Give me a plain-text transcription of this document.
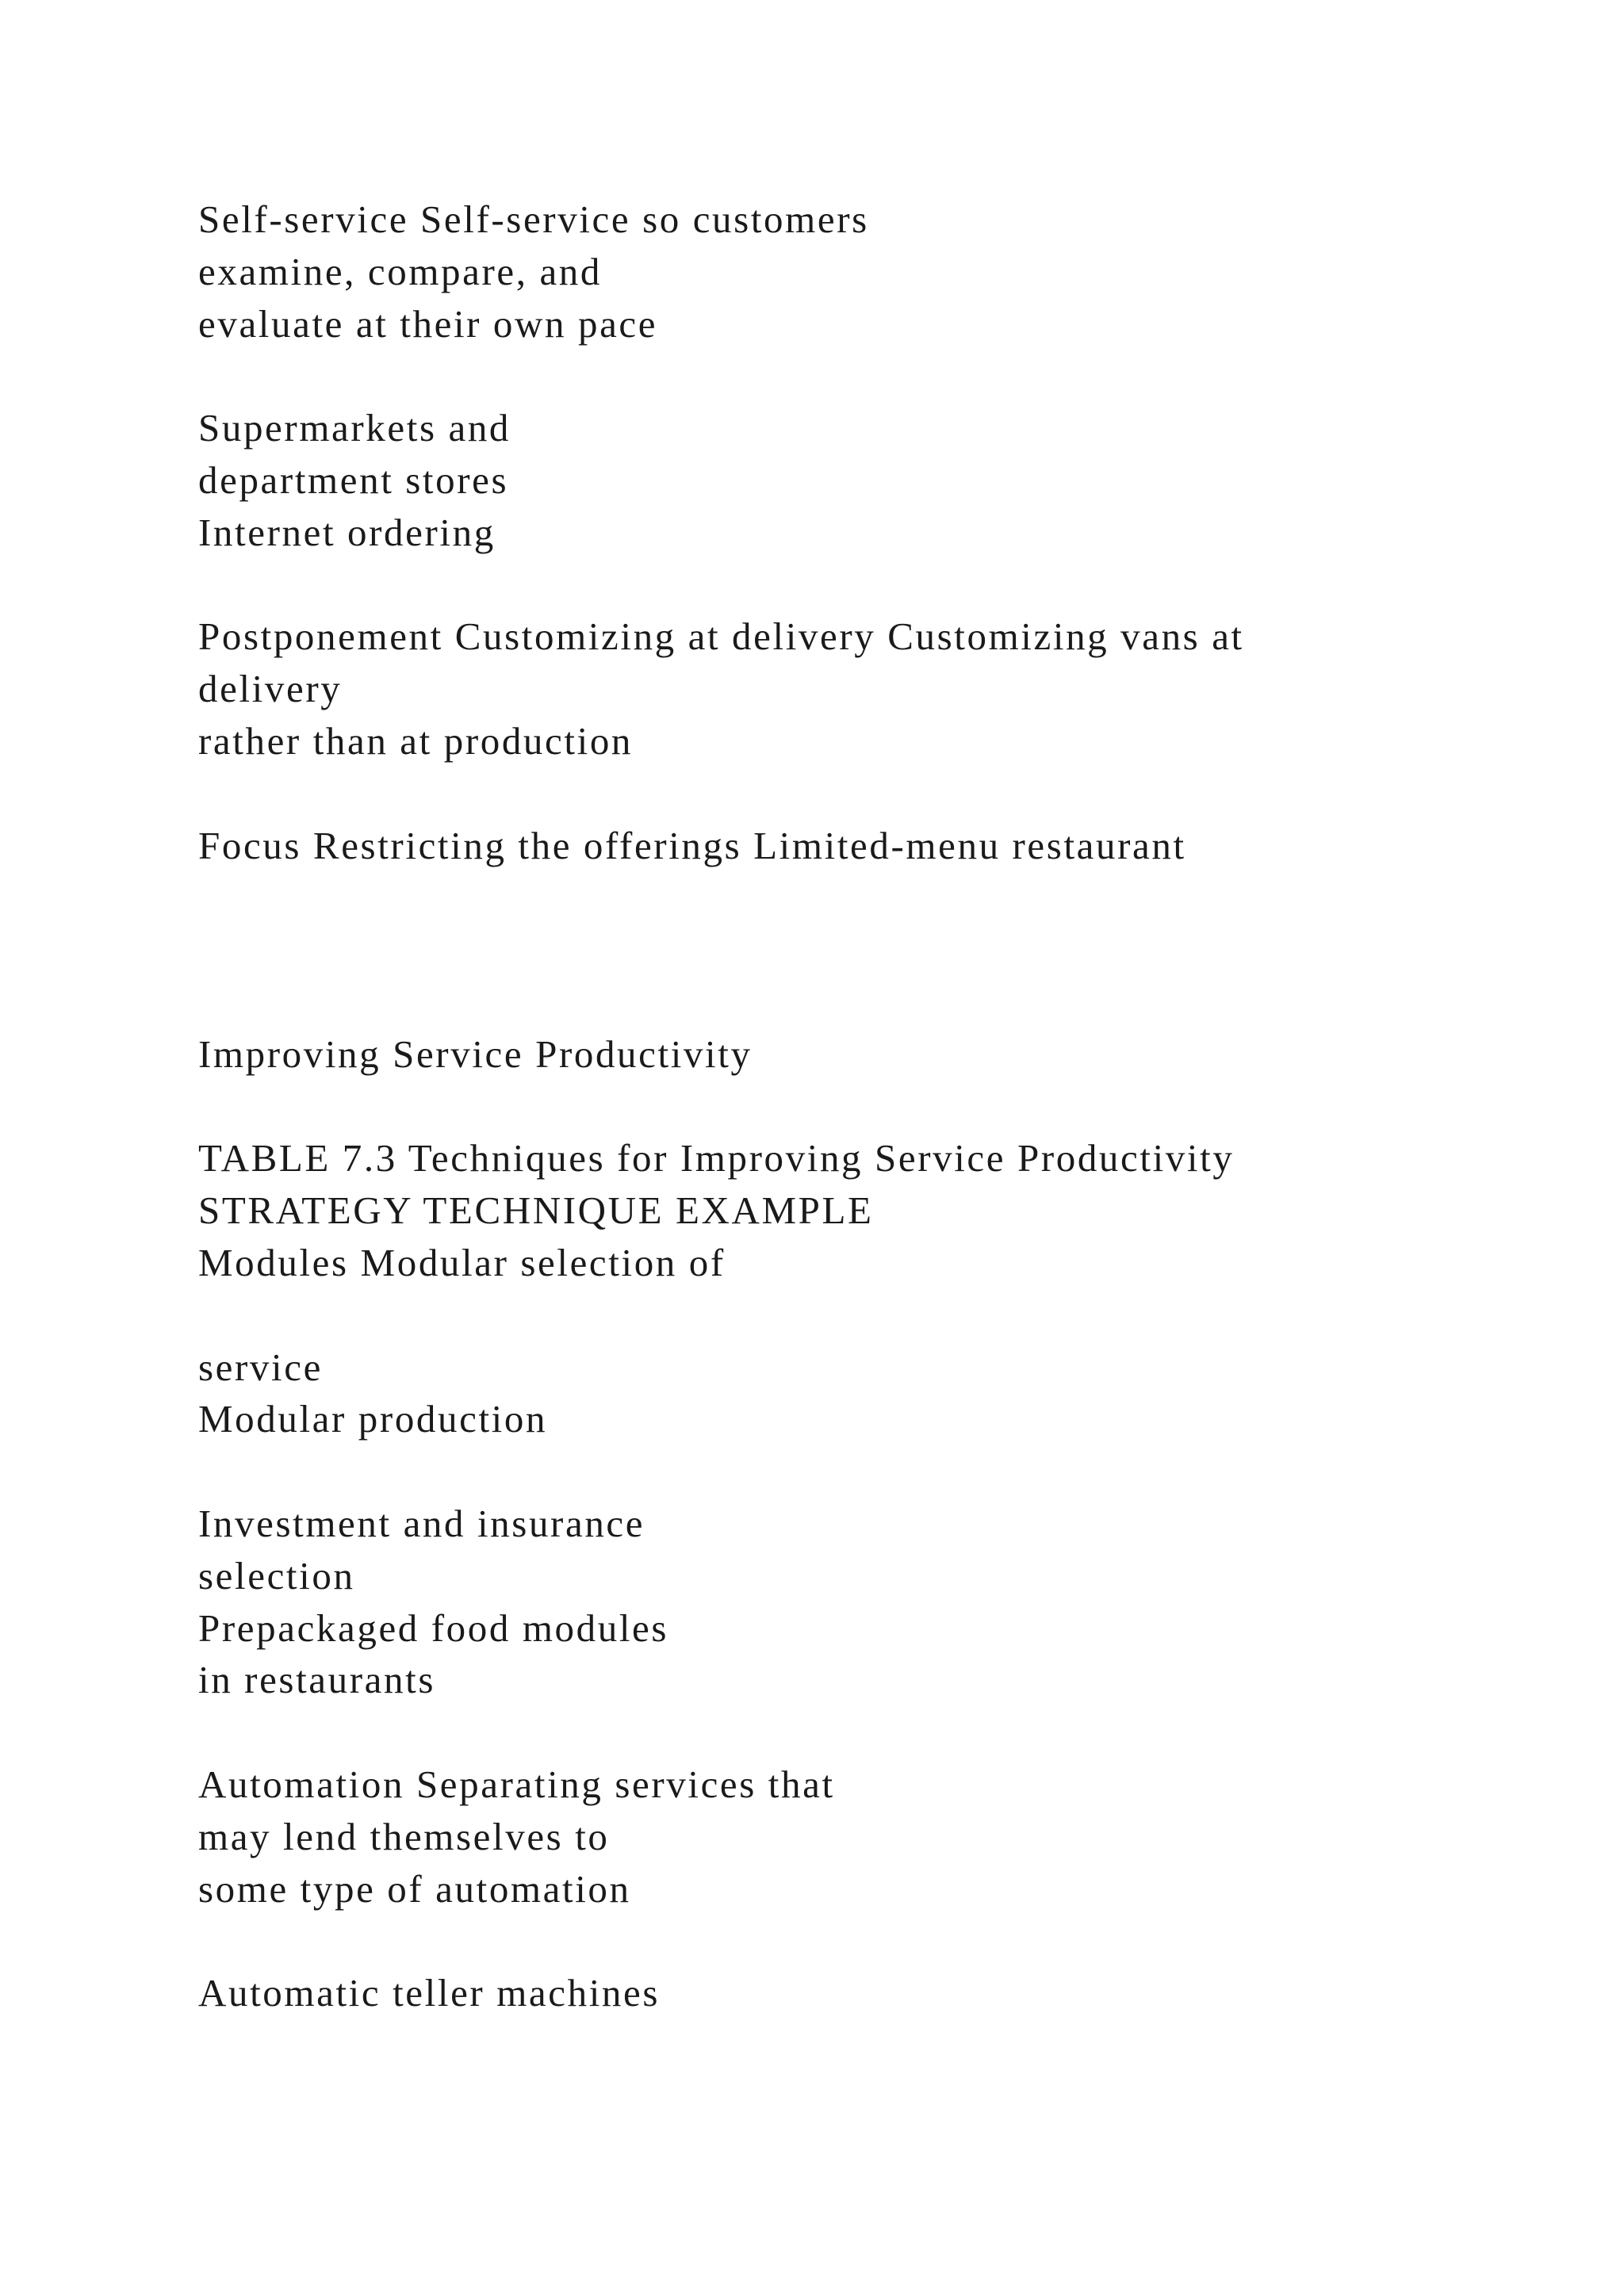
Self-service Self-service so customers
examine, compare, and
evaluate at their own pace
Supermarkets and
department stores
Internet ordering
Postponement Customizing at delivery Customizing vans at
delivery
rather than at production
Focus Restricting the offerings Limited-menu restaurant
Improving Service Productivity
TABLE 7.3 Techniques for Improving Service Productivity
STRATEGY TECHNIQUE EXAMPLE
Modules Modular selection of
service
Modular production
Investment and insurance
selection
Prepackaged food modules
in restaurants
Automation Separating services that
may lend themselves to
some type of automation
Automatic teller machines
